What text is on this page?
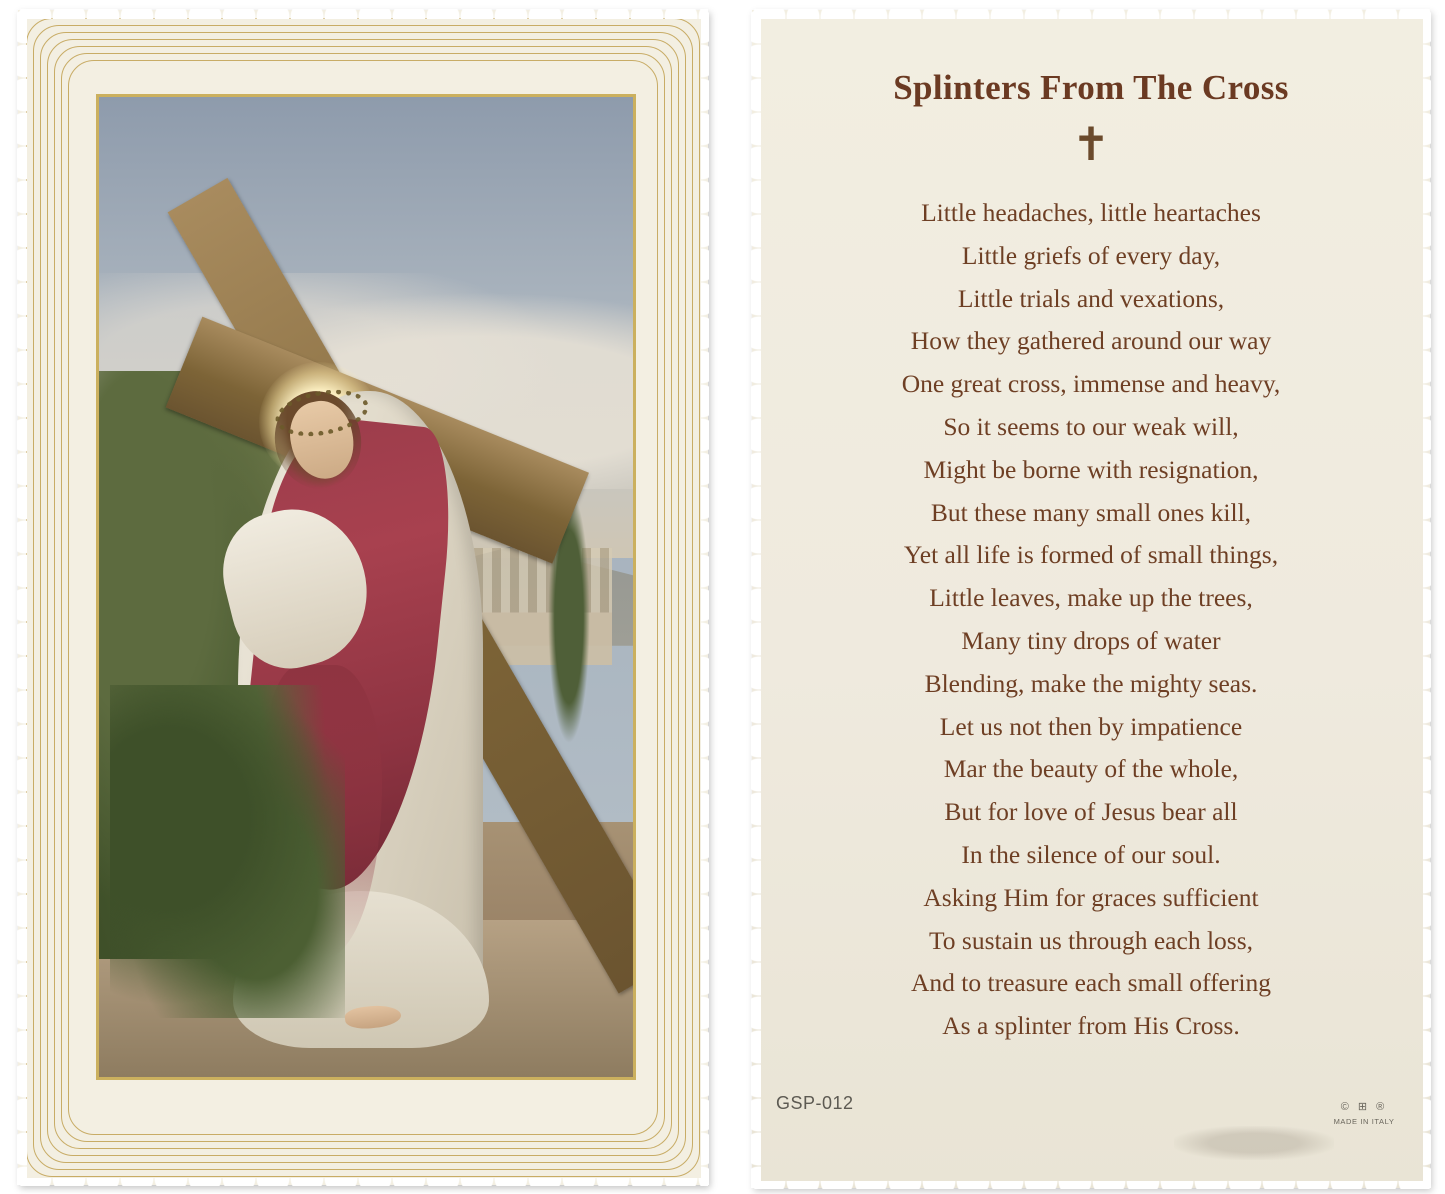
Splinters From The Cross
✝
Little headaches, little heartaches
Little griefs of every day,
Little trials and vexations,
How they gathered around our way
One great cross, immense and heavy,
So it seems to our weak will,
Might be borne with resignation,
But these many small ones kill,
Yet all life is formed of small things,
Little leaves, make up the trees,
Many tiny drops of water
Blending, make the mighty seas.
Let us not then by impatience
Mar the beauty of the whole,
But for love of Jesus bear all
In the silence of our soul.
Asking Him for graces sufficient
To sustain us through each loss,
And to treasure each small offering
As a splinter from His Cross.
GSP-012	© ⊞ ®
MADE IN ITALY
